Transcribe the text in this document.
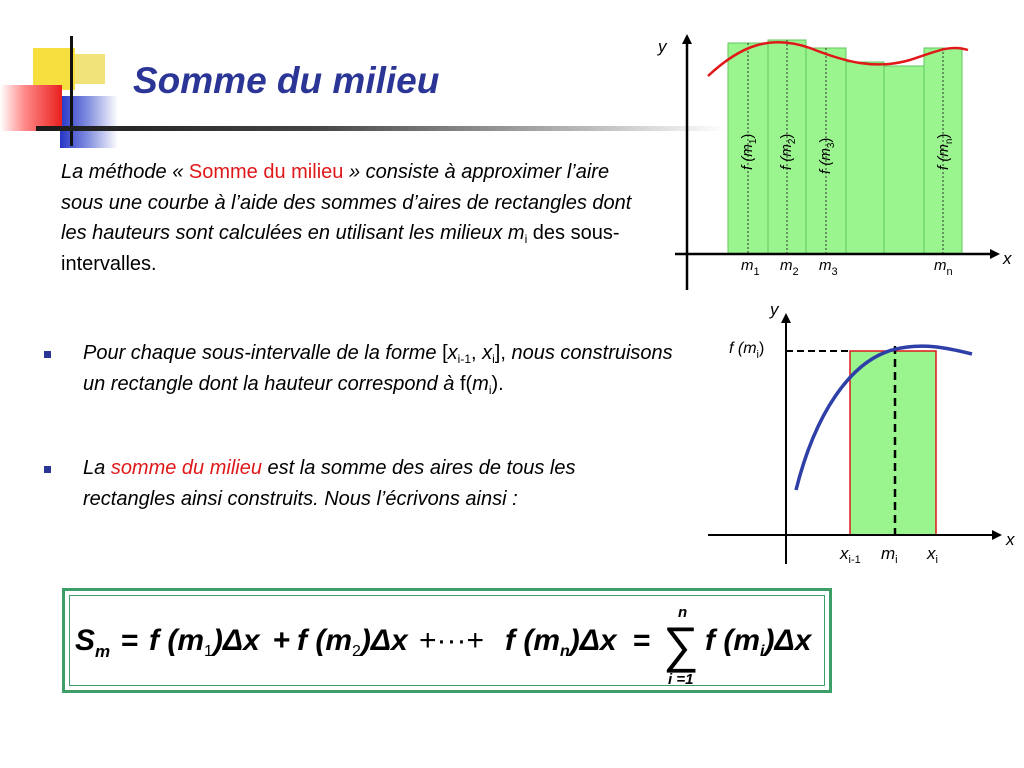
Somme du milieu

La méthode « Somme du milieu » consiste à approximer l’aire sous une courbe à l’aide des sommes d’aires de rectangles dont les hauteurs sont calculées en utilisant les milieux $m_i$ des sous-intervalles.

Pour chaque sous-intervalle de la forme [$x_{i-1}$, $x_i$], nous construisons un rectangle dont la hauteur correspond à $f(m_i)$.
La somme du milieu est la somme des aires de tous les rectangles ainsi construits. Nous l’écrivons ainsi :
y
x
f $(m_1)$
f $(m_2)$
f $(m_3)$
f $(m_n)$
$m_1$ $m_2$ $m_3$	$m_n$
y
x
f $(m_i)$
$x_{i-1}$ $m_i$ $x_i$
$S_m = f$ $(m_1)\Delta x + f$ $(m_2)\Delta x$ +···+ f $(m_n)\Delta x$ = ∑
n
i =1
f $(m_i)\Delta x$
